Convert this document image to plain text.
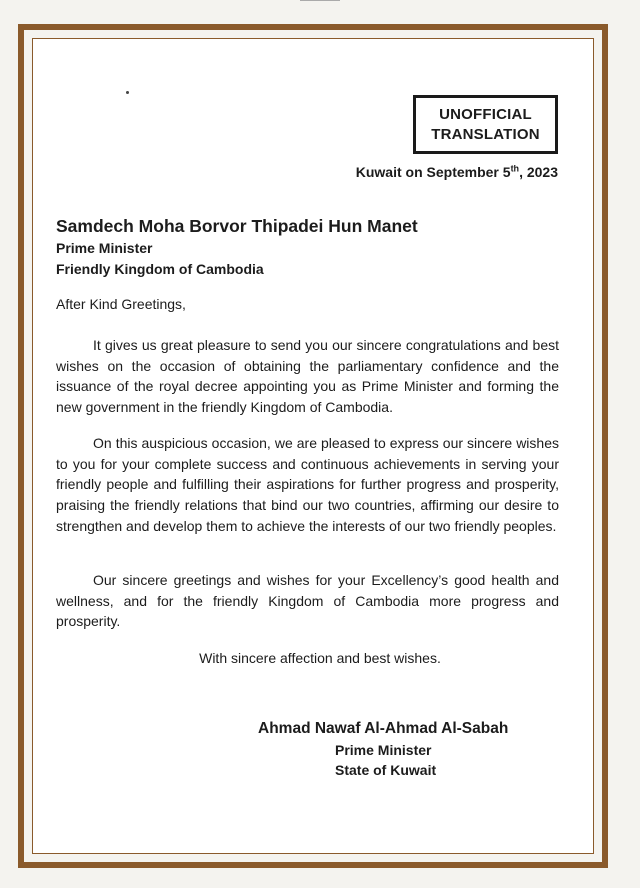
UNOFFICIAL
TRANSLATION
Kuwait on September 5th, 2023
Samdech Moha Borvor Thipadei Hun Manet
Prime Minister
Friendly Kingdom of Cambodia
After Kind Greetings,
It gives us great pleasure to send you our sincere congratulations and best wishes on the occasion of obtaining the parliamentary confidence and the issuance of the royal decree appointing you as Prime Minister and forming the new government in the friendly Kingdom of Cambodia.
On this auspicious occasion, we are pleased to express our sincere wishes to you for your complete success and continuous achievements in serving your friendly people and fulfilling their aspirations for further progress and prosperity, praising the friendly relations that bind our two countries, affirming our desire to strengthen and develop them to achieve the interests of our two friendly peoples.
Our sincere greetings and wishes for your Excellency’s good health and wellness, and for the friendly Kingdom of Cambodia more progress and prosperity.
With sincere affection and best wishes.
Ahmad Nawaf Al-Ahmad Al-Sabah
Prime Minister
State of Kuwait
